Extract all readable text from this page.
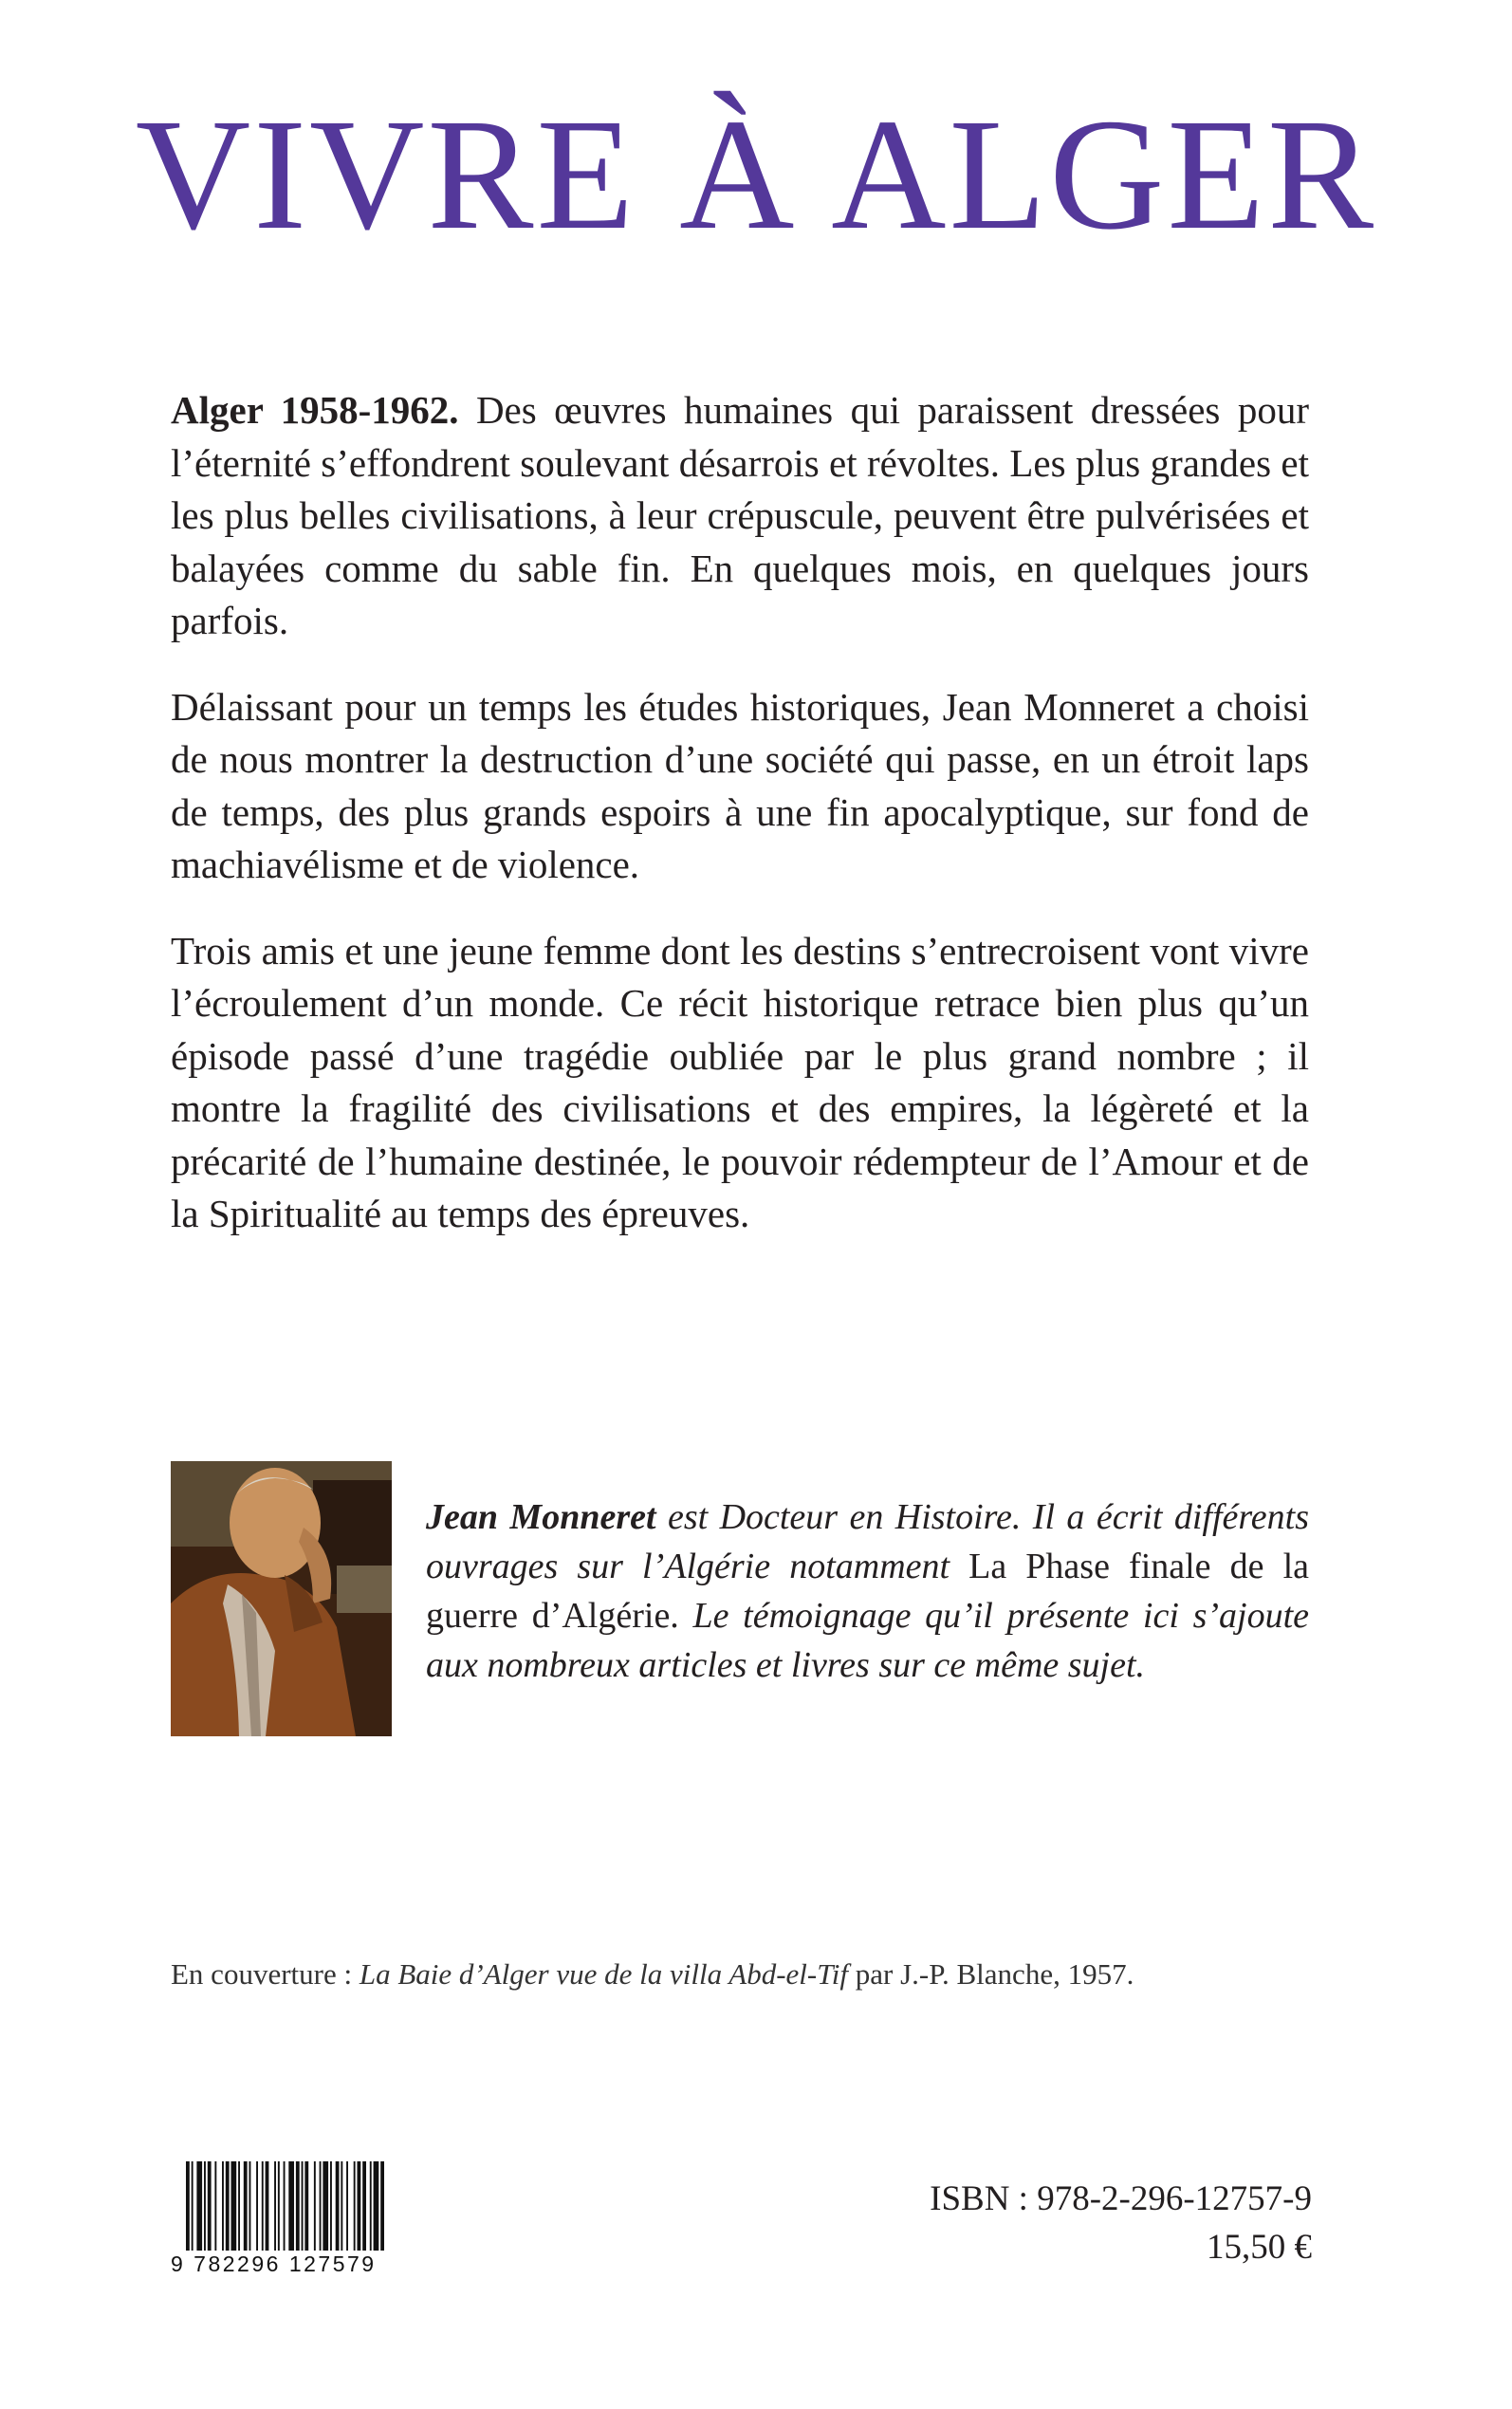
VIVRE À ALGER

Alger 1958-1962. Des œuvres humaines qui paraissent dressées pour l’éternité s’effondrent soulevant désarrois et révoltes. Les plus grandes et les plus belles civilisations, à leur crépuscule, peuvent être pulvérisées et balayées comme du sable fin. En quelques mois, en quelques jours parfois.

Délaissant pour un temps les études historiques, Jean Monneret a choisi de nous montrer la destruction d’une société qui passe, en un étroit laps de temps, des plus grands espoirs à une fin apocalyptique, sur fond de machiavélisme et de violence.

Trois amis et une jeune femme dont les destins s’entrecroisent vont vivre l’écroulement d’un monde. Ce récit historique retrace bien plus qu’un épisode passé d’une tragédie oubliée par le plus grand nombre ; il montre la fragilité des civilisations et des empires, la légèreté et la précarité de l’humaine destinée, le pouvoir rédempteur de l’Amour et de la Spiritualité au temps des épreuves.

Jean Monneret est Docteur en Histoire. Il a écrit différents ouvrages sur l’Algérie notamment La Phase finale de la guerre d’Algérie. Le témoignage qu’il présente ici s’ajoute aux nombreux articles et livres sur ce même sujet.
En couverture : La Baie d’Alger vue de la villa Abd-el-Tif par J.-P. Blanche, 1957.
9 782296 127579
ISBN : 978-2-296-12757-9
15,50 €
